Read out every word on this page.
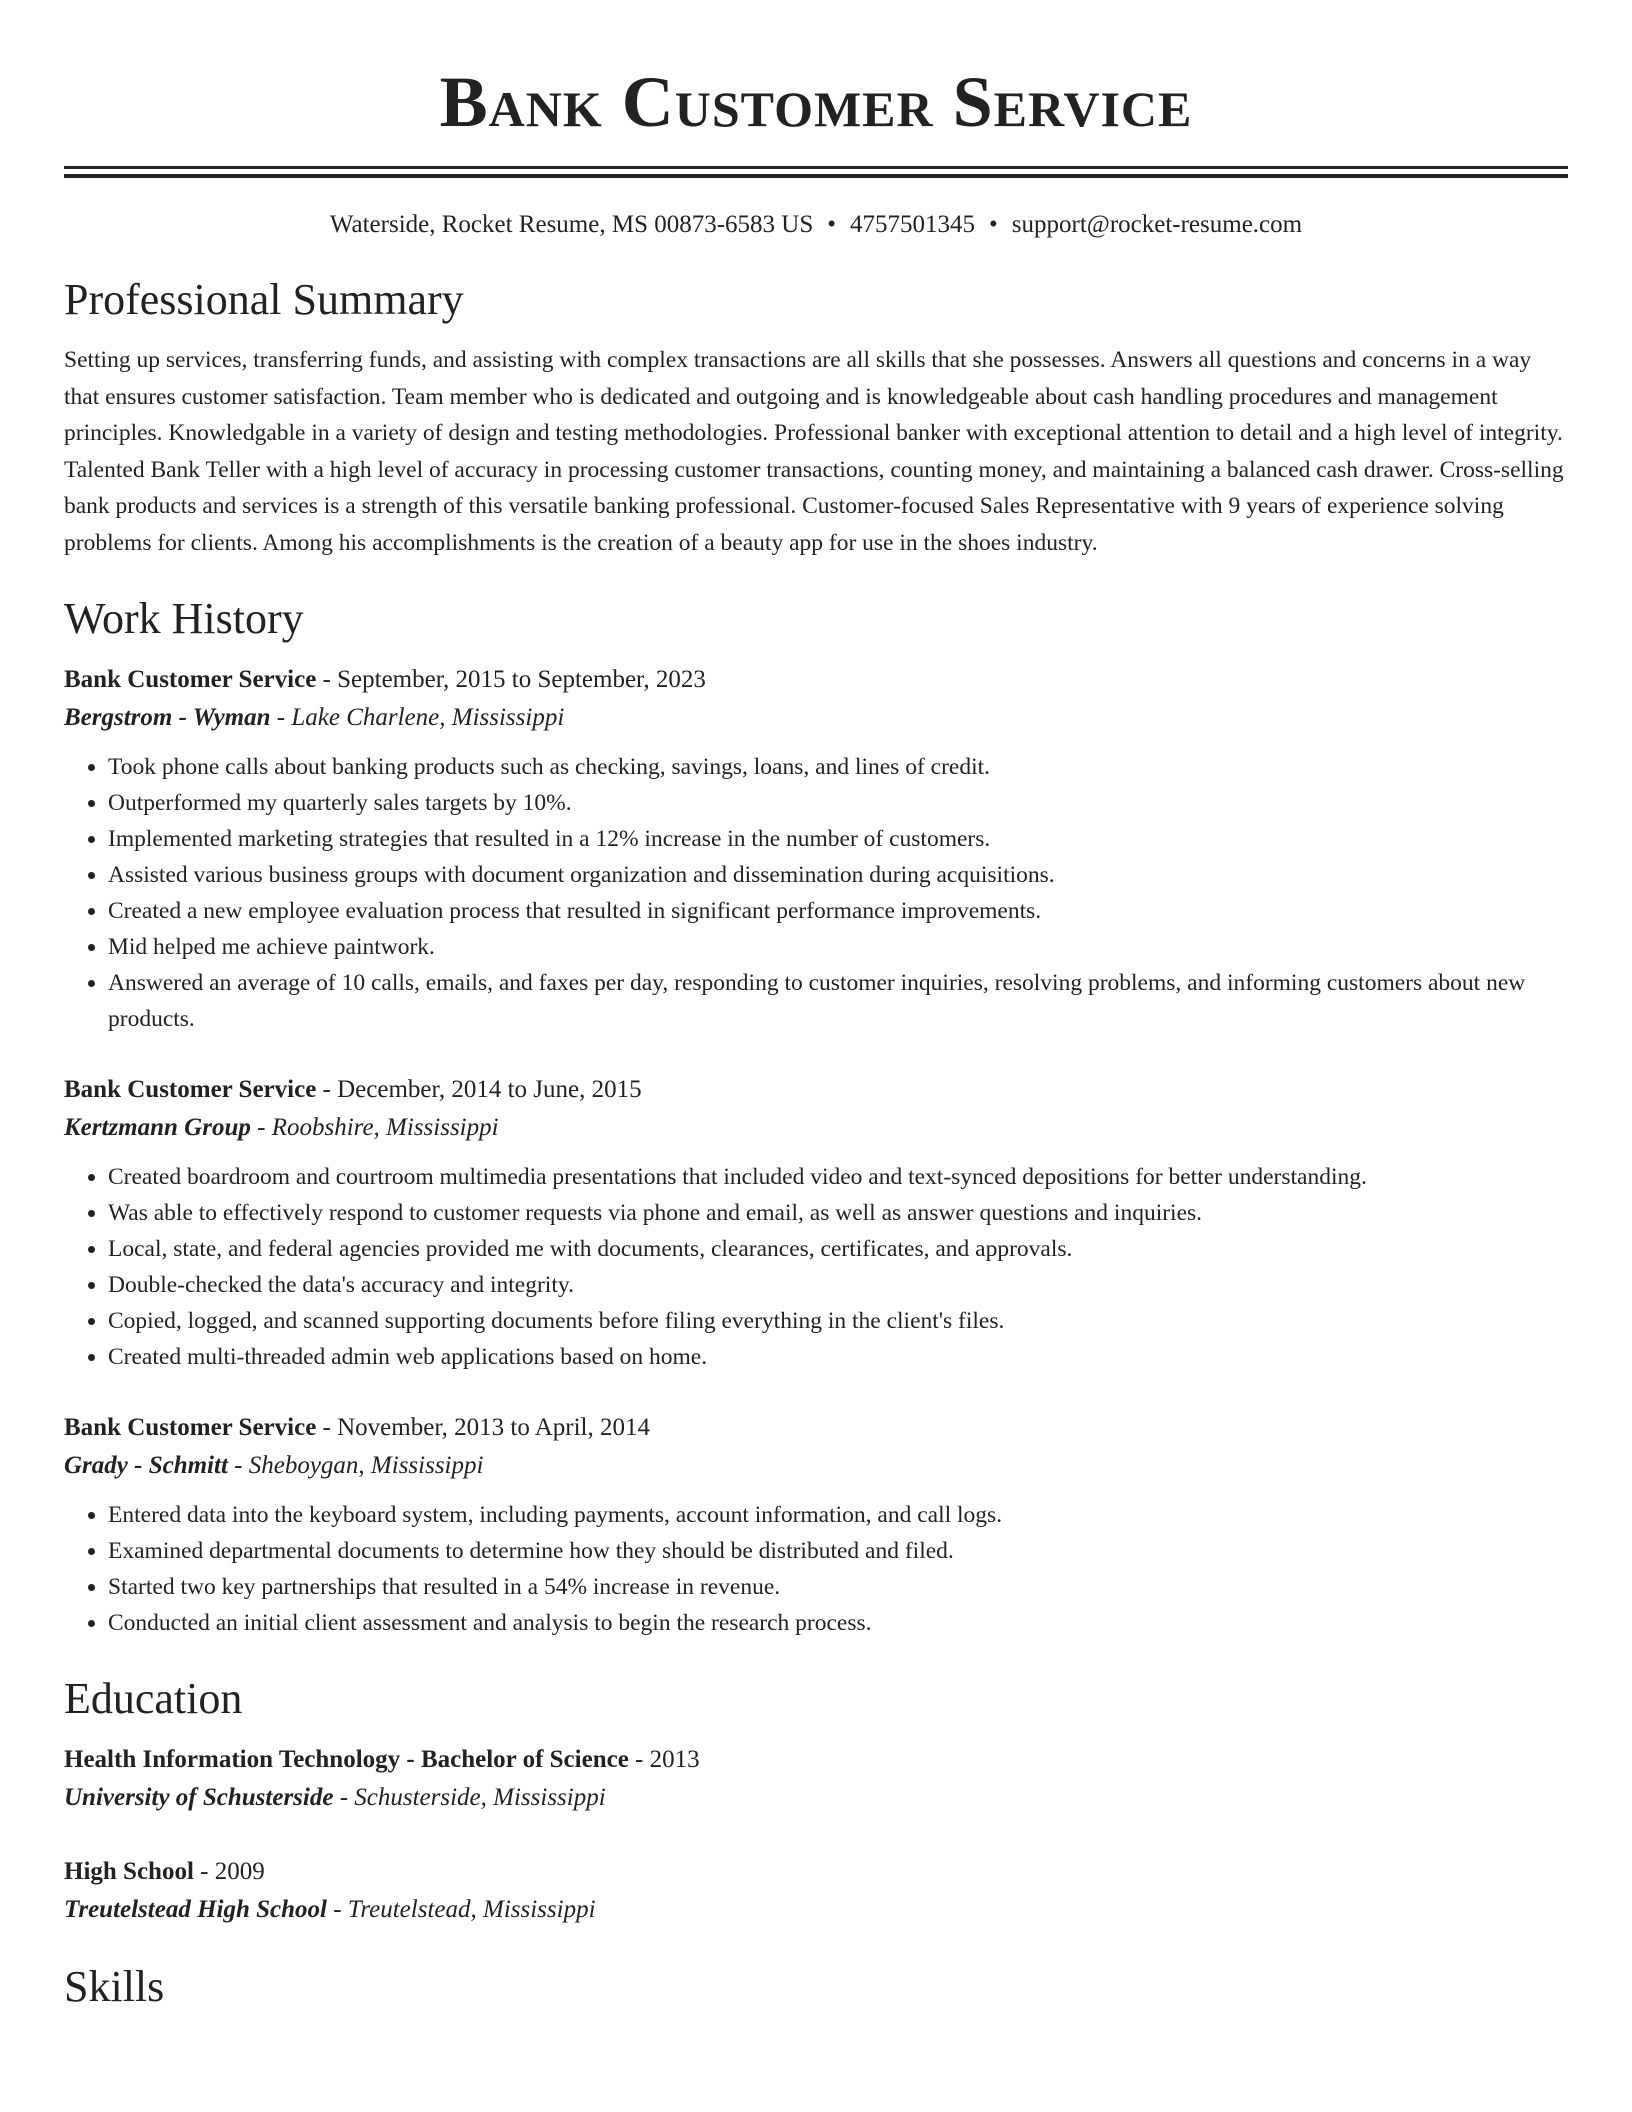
Bank Customer Service
Waterside, Rocket Resume, MS 00873-6583 US • 4757501345 • support@rocket-resume.com
Professional Summary

Setting up services, transferring funds, and assisting with complex transactions are all skills that she possesses. Answers all questions and concerns in a way that ensures customer satisfaction. Team member who is dedicated and outgoing and is knowledgeable about cash handling procedures and management principles. Knowledgable in a variety of design and testing methodologies. Professional banker with exceptional attention to detail and a high level of integrity. Talented Bank Teller with a high level of accuracy in processing customer transactions, counting money, and maintaining a balanced cash drawer. Cross-selling bank products and services is a strength of this versatile banking professional. Customer-focused Sales Representative with 9 years of experience solving problems for clients. Among his accomplishments is the creation of a beauty app for use in the shoes industry.

Work History
Bank Customer Service - September, 2015 to September, 2023
Bergstrom - Wyman - Lake Charlene, Mississippi
• Took phone calls about banking products such as checking, savings, loans, and lines of credit.
• Outperformed my quarterly sales targets by 10%.
• Implemented marketing strategies that resulted in a 12% increase in the number of customers.
• Assisted various business groups with document organization and dissemination during acquisitions.
• Created a new employee evaluation process that resulted in significant performance improvements.
• Mid helped me achieve paintwork.
• Answered an average of 10 calls, emails, and faxes per day, responding to customer inquiries, resolving problems, and informing customers about new products.
Bank Customer Service - December, 2014 to June, 2015
Kertzmann Group - Roobshire, Mississippi
• Created boardroom and courtroom multimedia presentations that included video and text-synced depositions for better understanding.
• Was able to effectively respond to customer requests via phone and email, as well as answer questions and inquiries.
• Local, state, and federal agencies provided me with documents, clearances, certificates, and approvals.
• Double-checked the data's accuracy and integrity.
• Copied, logged, and scanned supporting documents before filing everything in the client's files.
• Created multi-threaded admin web applications based on home.
Bank Customer Service - November, 2013 to April, 2014
Grady - Schmitt - Sheboygan, Mississippi
• Entered data into the keyboard system, including payments, account information, and call logs.
• Examined departmental documents to determine how they should be distributed and filed.
• Started two key partnerships that resulted in a 54% increase in revenue.
• Conducted an initial client assessment and analysis to begin the research process.
Education
Health Information Technology - Bachelor of Science - 2013
University of Schusterside - Schusterside, Mississippi
High School - 2009
Treutelstead High School - Treutelstead, Mississippi
Skills
